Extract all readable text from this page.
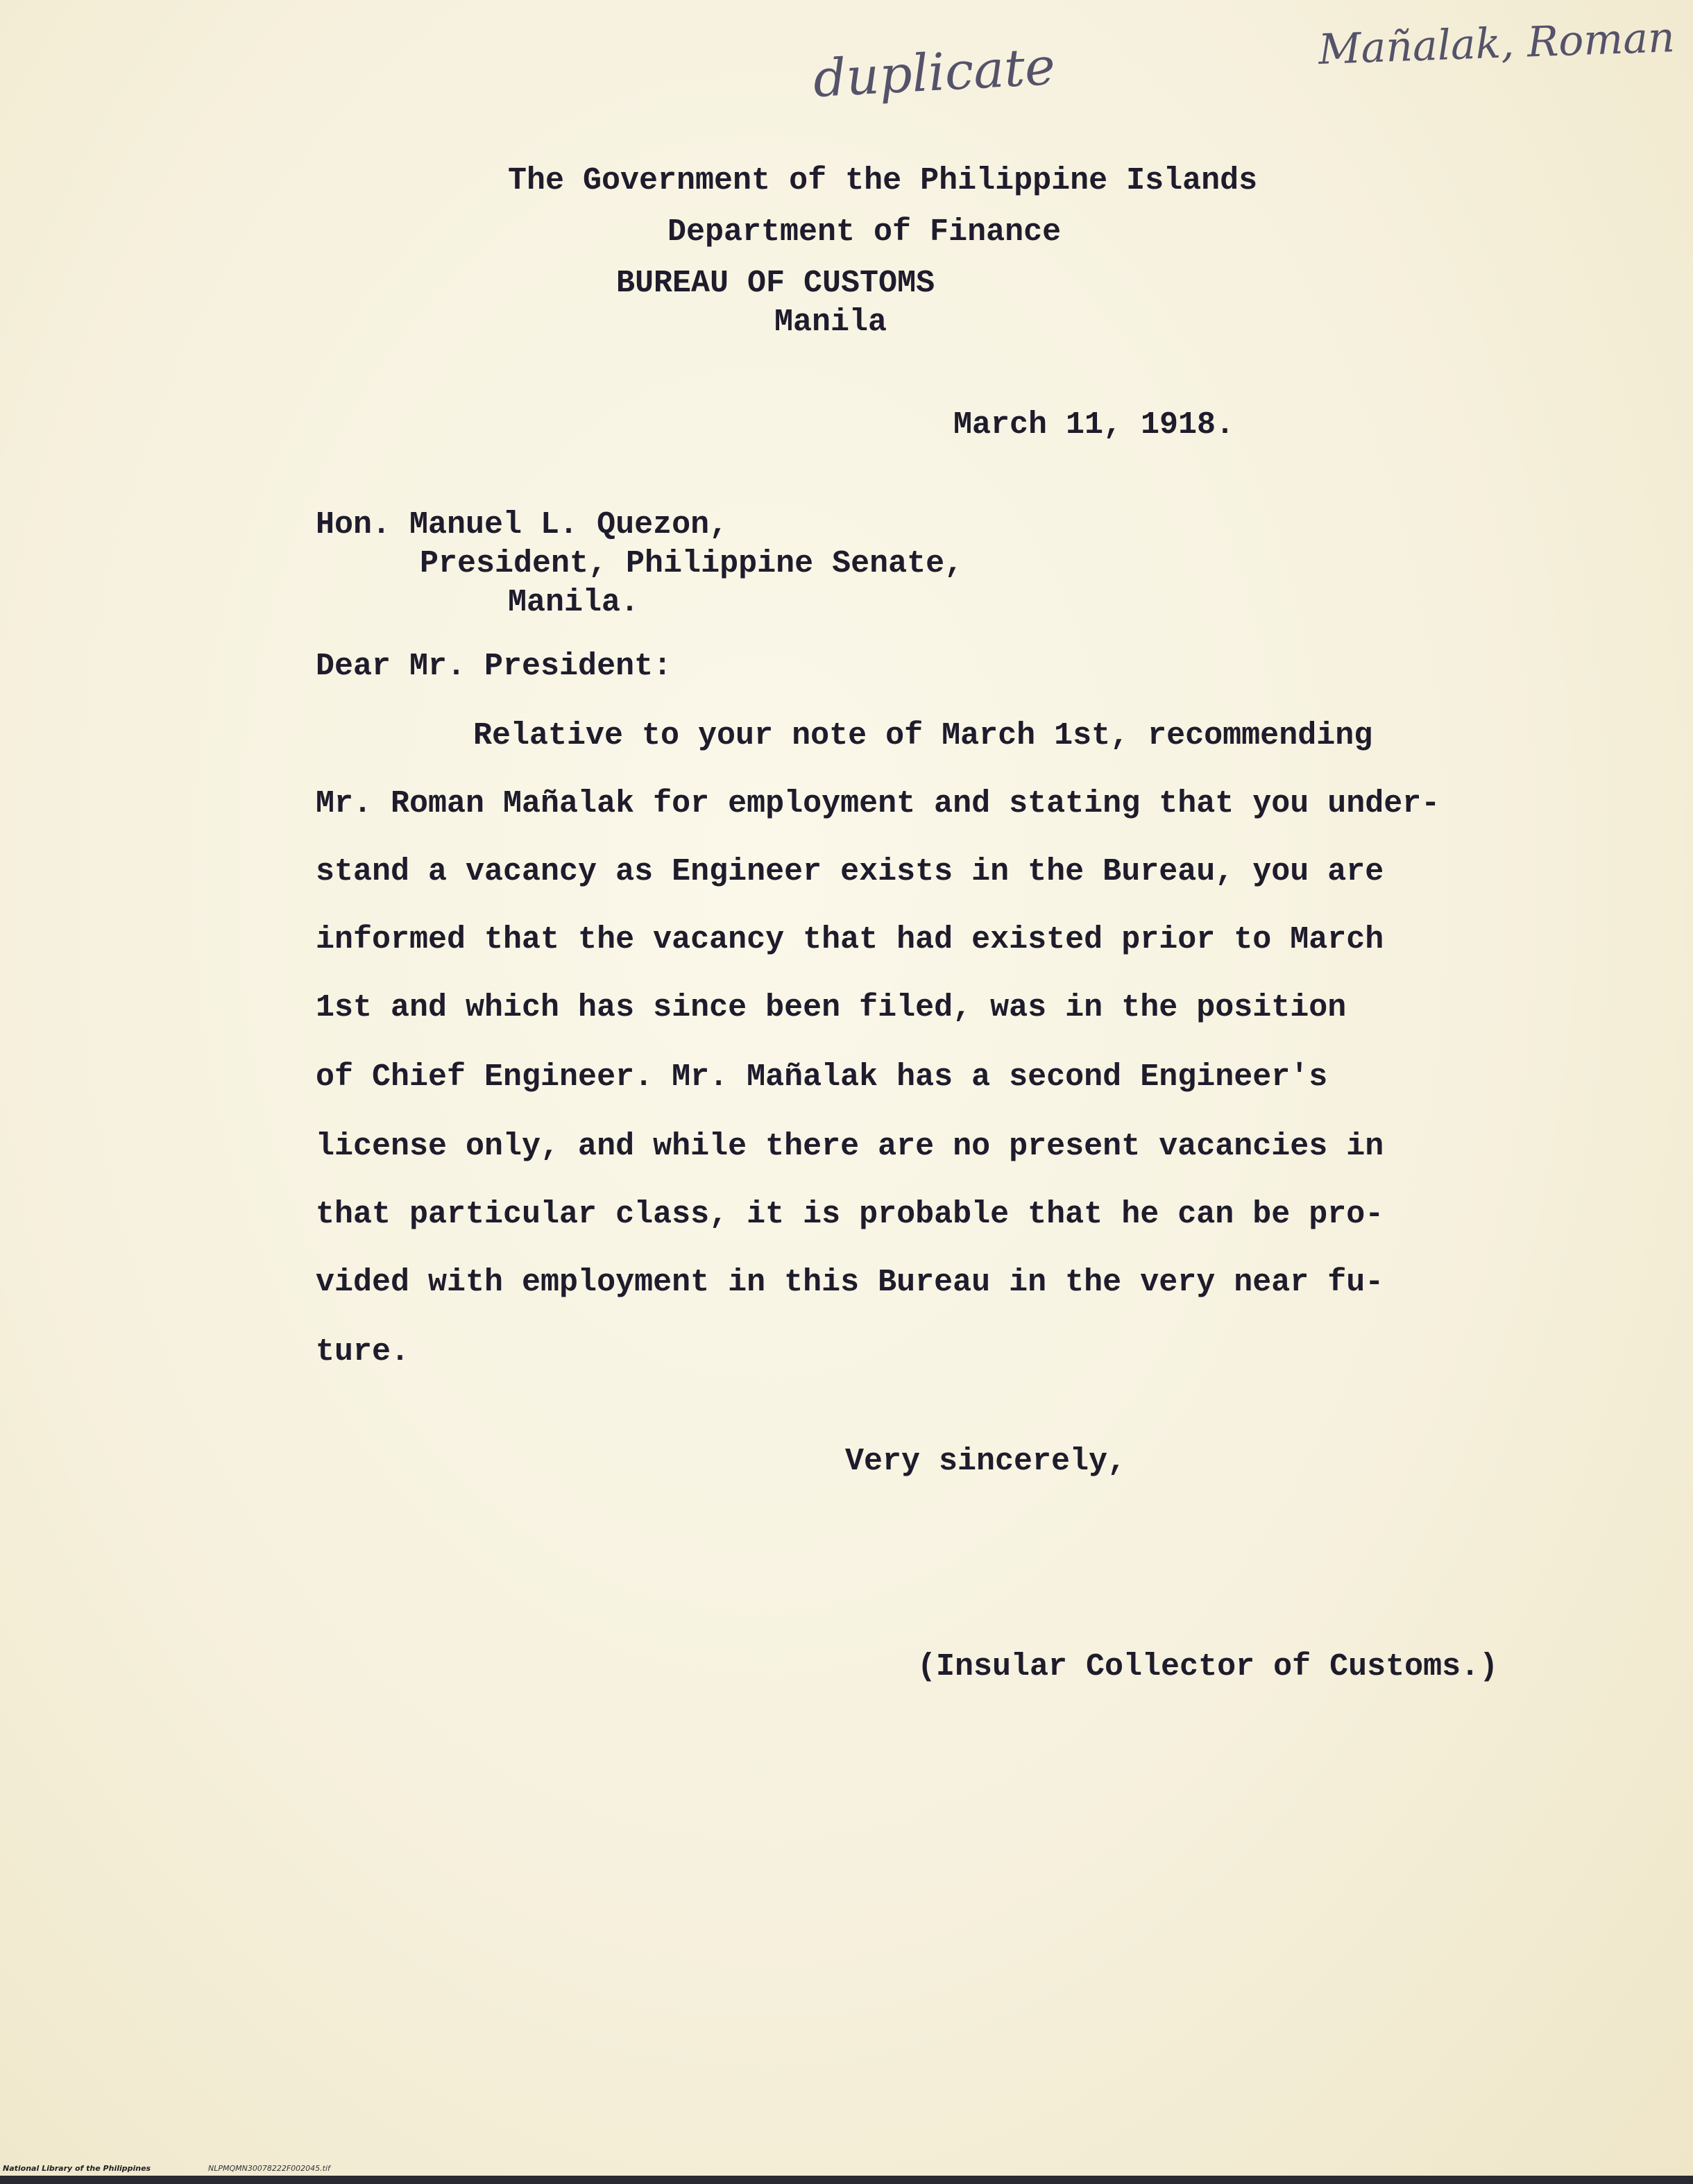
duplicate	Mañalak, Roman
The Government of the Philippine Islands
Department of Finance
BUREAU OF CUSTOMS
Manila
March 11, 1918.
Hon. Manuel L. Quezon,
President, Philippine Senate,
Manila.
Dear Mr. President:
Relative to your note of March 1st, recommending
Mr. Roman Mañalak for employment and stating that you under-
stand a vacancy as Engineer exists in the Bureau, you are
informed that the vacancy that had existed prior to March
1st and which has since been filed, was in the position
of Chief Engineer. Mr. Mañalak has a second Engineer's
license only, and while there are no present vacancies in
that particular class, it is probable that he can be pro-
vided with employment in this Bureau in the very near fu-
ture.
Very sincerely,
(Insular Collector of Customs.)
National Library of the Philippines	NLPMQMN30078222F002045.tif
